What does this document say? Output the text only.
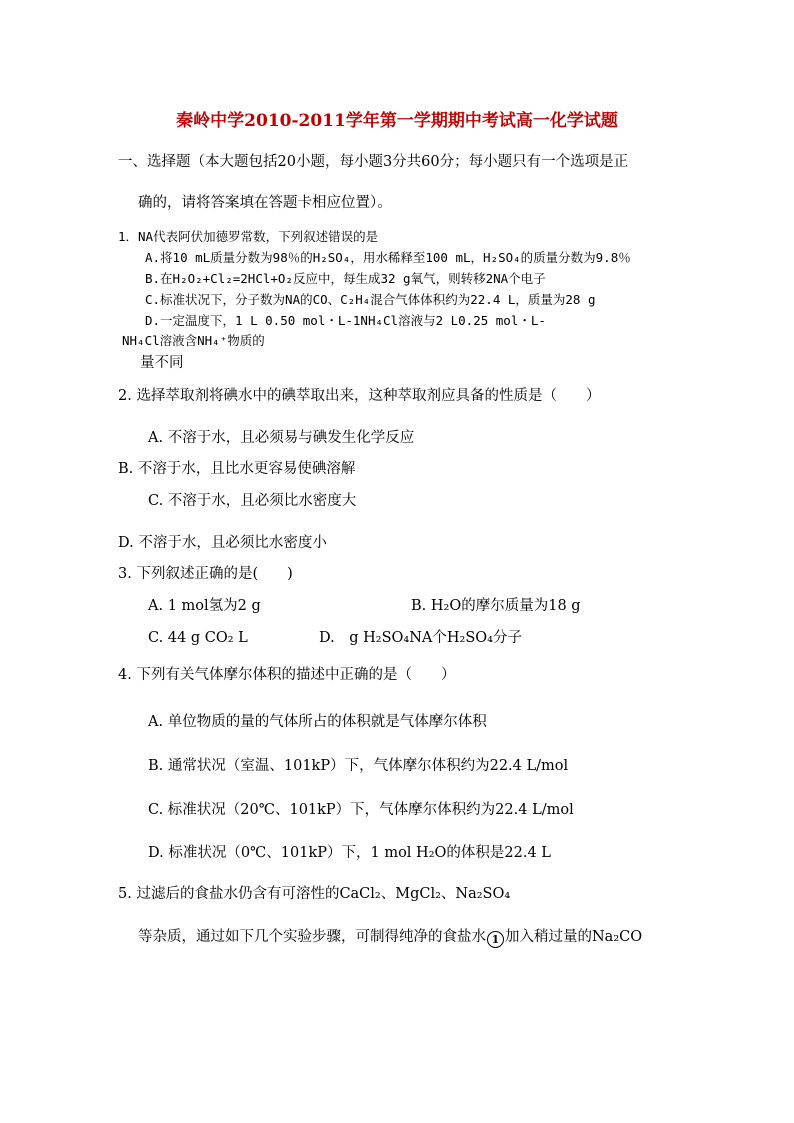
秦岭中学2010-2011学年第一学期期中考试高一化学试题
一、选择题（本大题包括20小题，每小题3分共60分；每小题只有一个选项是正
确的，请将答案填在答题卡相应位置）。
1．NA代表阿伏加德罗常数，下列叙述错误的是
A.将10 mL质量分数为98％的H₂SO₄，用水稀释至100 mL，H₂SO₄的质量分数为9.8％
B.在H₂O₂+Cl₂=2HCl+O₂反应中，每生成32 g氧气，则转移2NA个电子
C.标准状况下，分子数为NA的CO、C₂H₄混合气体体积约为22.4 L，质量为28 g
D.一定温度下，1 L 0.50 mol・L-1NH₄Cl溶液与2 L0.25 mol・L-
NH₄Cl溶液含NH₄⁺物质的
量不同
2. 选择萃取剂将碘水中的碘萃取出来，这种萃取剂应具备的性质是（　　）
A. 不溶于水，且必须易与碘发生化学反应
B. 不溶于水，且比水更容易使碘溶解
C. 不溶于水，且必须比水密度大
D. 不溶于水，且必须比水密度小
3. 下列叙述正确的是(　　)
A. 1 mol氢为2 g	B. H₂O的摩尔质量为18 g
C. 44 g CO₂ L	D.　g H₂SO₄NA个H₂SO₄分子
4. 下列有关气体摩尔体积的描述中正确的是（　　）
A. 单位物质的量的气体所占的体积就是气体摩尔体积
B. 通常状况（室温、101kP）下，气体摩尔体积约为22.4 L/mol
C. 标准状况（20℃、101kP）下，气体摩尔体积约为22.4 L/mol
D. 标准状况（0℃、101kP）下，1 mol H₂O的体积是22.4 L
5. 过滤后的食盐水仍含有可溶性的CaCl₂、MgCl₂、Na₂SO₄
等杂质，通过如下几个实验步骤，可制得纯净的食盐水 1 加入稍过量的Na₂CO
